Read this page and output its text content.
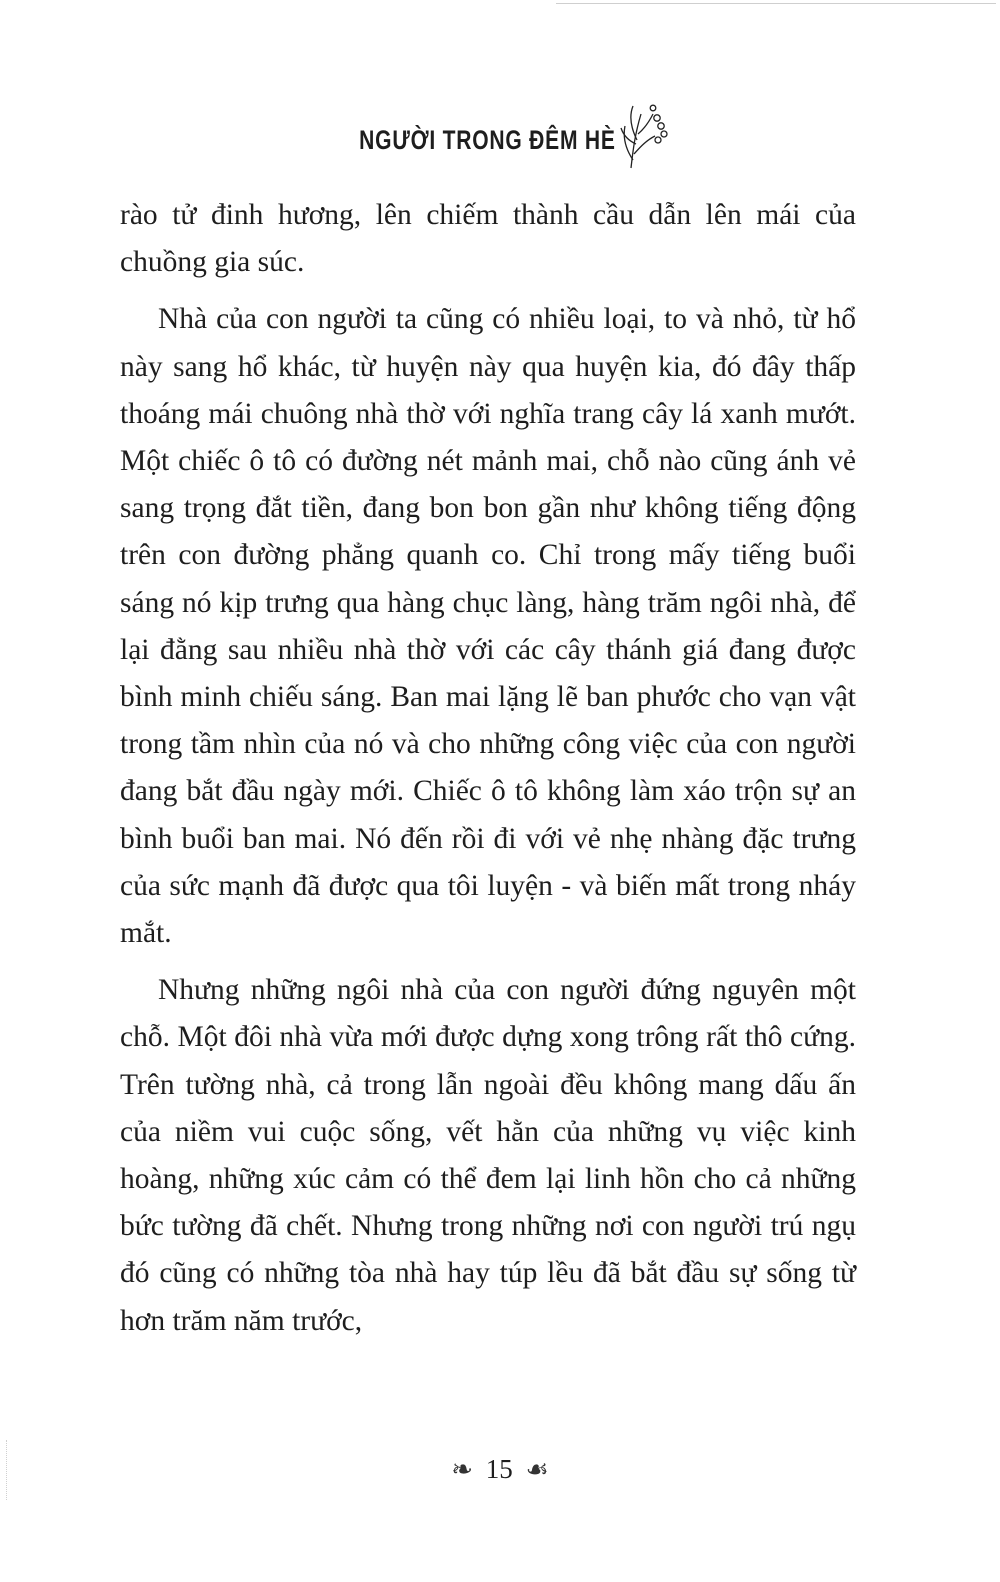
NGƯỜI TRONG ĐÊM HÈ

rào tử đinh hương, lên chiếm thành cầu dẫn lên mái của chuồng gia súc.

Nhà của con người ta cũng có nhiều loại, to và nhỏ, từ hổ này sang hổ khác, từ huyện này qua huyện kia, đó đây thấp thoáng mái chuông nhà thờ với nghĩa trang cây lá xanh mướt. Một chiếc ô tô có đường nét mảnh mai, chỗ nào cũng ánh vẻ sang trọng đắt tiền, đang bon bon gần như không tiếng động trên con đường phẳng quanh co. Chỉ trong mấy tiếng buổi sáng nó kịp trưng qua hàng chục làng, hàng trăm ngôi nhà, để lại đằng sau nhiều nhà thờ với các cây thánh giá đang được bình minh chiếu sáng. Ban mai lặng lẽ ban phước cho vạn vật trong tầm nhìn của nó và cho những công việc của con người đang bắt đầu ngày mới. Chiếc ô tô không làm xáo trộn sự an bình buổi ban mai. Nó đến rồi đi với vẻ nhẹ nhàng đặc trưng của sức mạnh đã được qua tôi luyện - và biến mất trong nháy mắt.

Nhưng những ngôi nhà của con người đứng nguyên một chỗ. Một đôi nhà vừa mới được dựng xong trông rất thô cứng. Trên tường nhà, cả trong lẫn ngoài đều không mang dấu ấn của niềm vui cuộc sống, vết hằn của những vụ việc kinh hoàng, những xúc cảm có thể đem lại linh hồn cho cả những bức tường đã chết. Nhưng trong những nơi con người trú ngụ đó cũng có những tòa nhà hay túp lều đã bắt đầu sự sống từ hơn trăm năm trước,

❧ 15 ☙
